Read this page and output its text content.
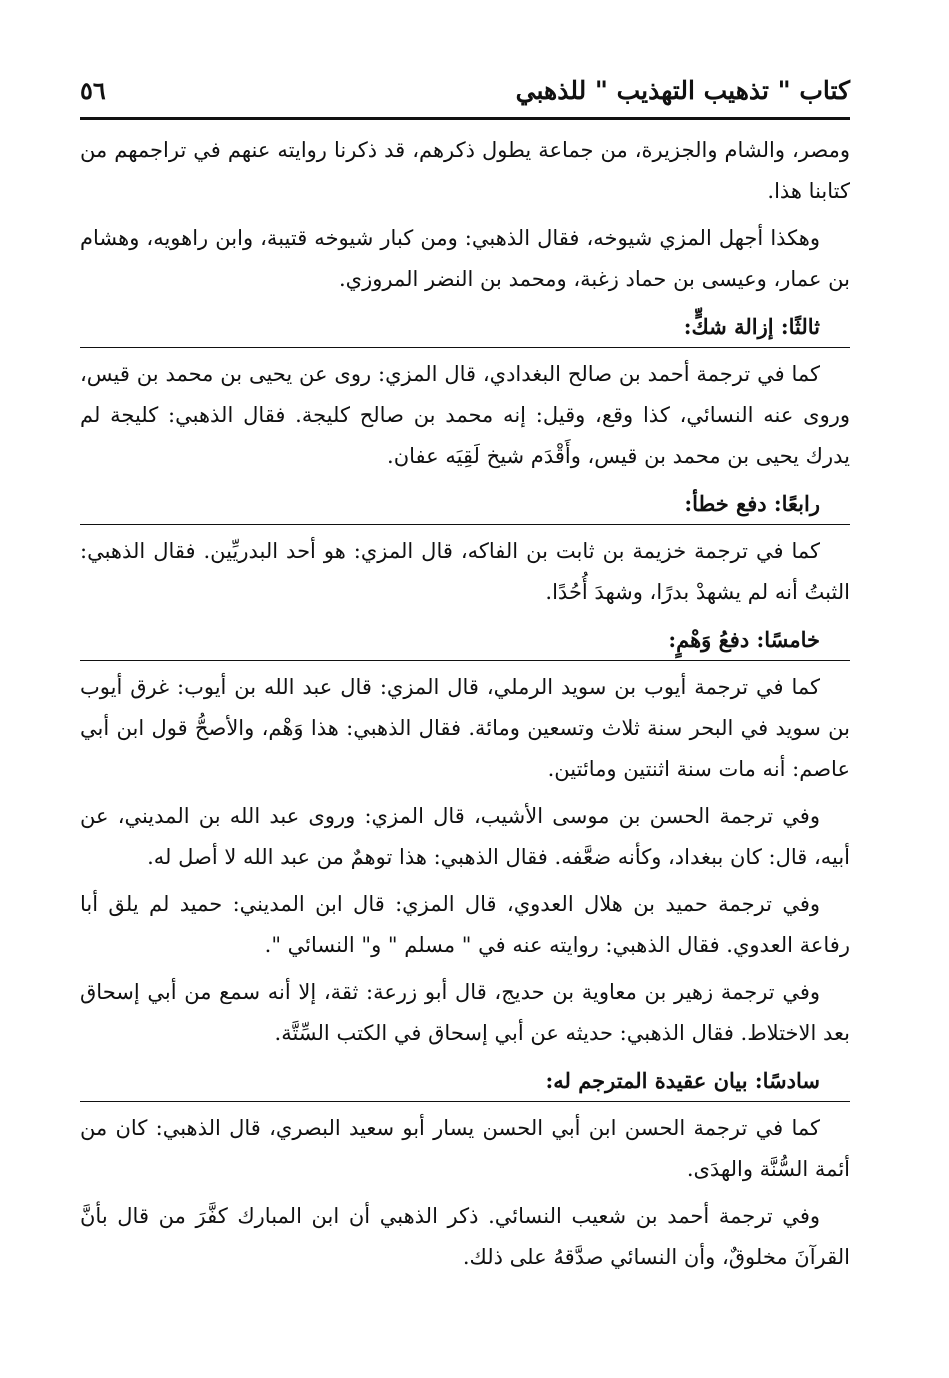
كتاب " تذهيب التهذيب " للذهبي
٥٦

ومصر، والشام والجزيرة، من جماعة يطول ذكرهم، قد ذكرنا روايته عنهم في تراجمهم من كتابنا هذا.

وهكذا أجهل المزي شيوخه، فقال الذهبي: ومن كبار شيوخه قتيبة، وابن راهويه، وهشام بن عمار، وعيسى بن حماد زغبة، ومحمد بن النضر المروزي.

ثالثًا: إزالة شكٍّ:

كما في ترجمة أحمد بن صالح البغدادي، قال المزي: روى عن يحيى بن محمد بن قيس، وروى عنه النسائي، كذا وقع، وقيل: إنه محمد بن صالح كليجة. فقال الذهبي: كليجة لم يدرك يحيى بن محمد بن قيس، وأَقْدَم شيخ لَقِيَه عفان.

رابعًا: دفع خطأ:

كما في ترجمة خزيمة بن ثابت بن الفاكه، قال المزي: هو أحد البدريِّين. فقال الذهبي: الثبتُ أنه لم يشهدْ بدرًا، وشهدَ أُحُدًا.

خامسًا: دفعُ وَهْمٍ:

كما في ترجمة أيوب بن سويد الرملي، قال المزي: قال عبد الله بن أيوب: غرق أيوب بن سويد في البحر سنة ثلاث وتسعين ومائة. فقال الذهبي: هذا وَهْم، والأصحُّ قول ابن أبي عاصم: أنه مات سنة اثنتين ومائتين.

وفي ترجمة الحسن بن موسى الأشيب، قال المزي: وروى عبد الله بن المديني، عن أبيه، قال: كان ببغداد، وكأنه ضعَّفه. فقال الذهبي: هذا توهمٌ من عبد الله لا أصل له.

وفي ترجمة حميد بن هلال العدوي، قال المزي: قال ابن المديني: حميد لم يلق أبا رفاعة العدوي. فقال الذهبي: روايته عنه في " مسلم " و" النسائي ".

وفي ترجمة زهير بن معاوية بن حديج، قال أبو زرعة: ثقة، إلا أنه سمع من أبي إسحاق بعد الاختلاط. فقال الذهبي: حديثه عن أبي إسحاق في الكتب السِّتَّة.

سادسًا: بيان عقيدة المترجم له:

كما في ترجمة الحسن ابن أبي الحسن يسار أبو سعيد البصري، قال الذهبي: كان من أئمة السُّنَّة والهدَى.

وفي ترجمة أحمد بن شعيب النسائي. ذكر الذهبي أن ابن المبارك كفَّرَ من قال بأنَّ القرآنَ مخلوقٌ، وأن النسائي صدَّقهُ على ذلك.
